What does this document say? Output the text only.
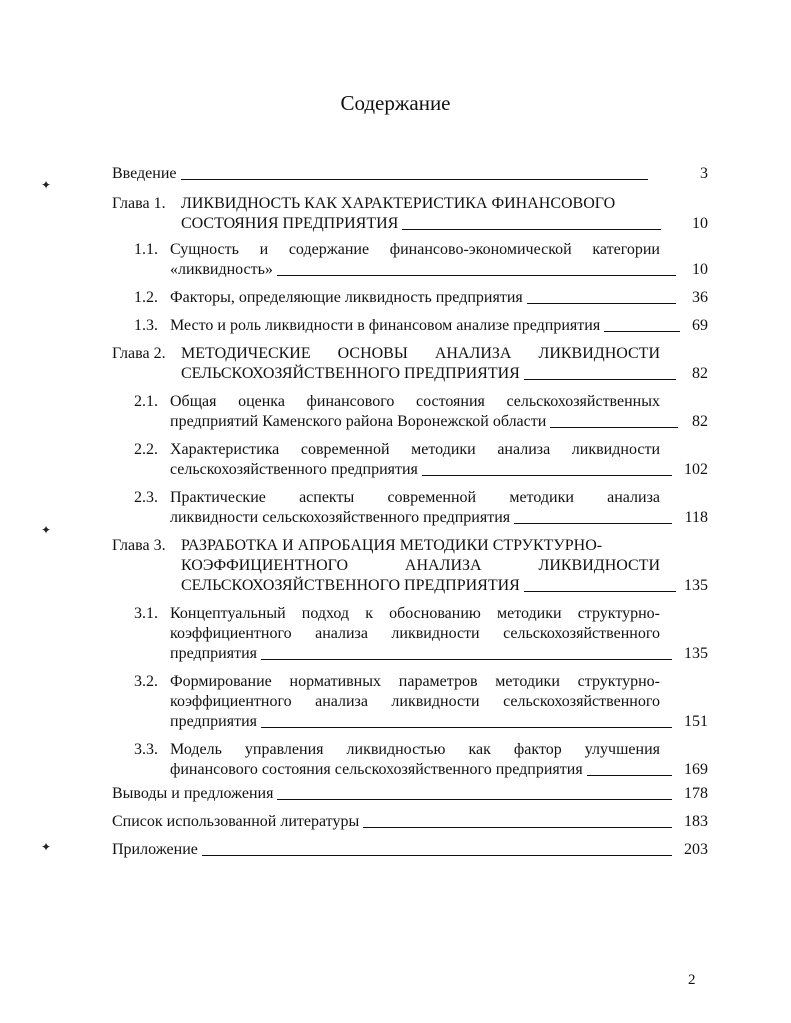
Содержание
Введение	3
Глава 1. ЛИКВИДНОСТЬ КАК ХАРАКТЕРИСТИКА ФИНАНСОВОГО
СОСТОЯНИЯ ПРЕДПРИЯТИЯ	10
1.1. Сущность и содержание финансово-экономической категории
«ликвидность»	10
1.2. Факторы, определяющие ликвидность предприятия	36
1.3. Место и роль ликвидности в финансовом анализе предприятия	69
Глава 2. МЕТОДИЧЕСКИЕ ОСНОВЫ АНАЛИЗА ЛИКВИДНОСТИ
СЕЛЬСКОХОЗЯЙСТВЕННОГО ПРЕДПРИЯТИЯ	82
2.1. Общая оценка финансового состояния сельскохозяйственных
предприятий Каменского района Воронежской области	82
2.2. Характеристика современной методики анализа ликвидности
сельскохозяйственного предприятия	102
2.3. Практические аспекты современной методики анализа
ликвидности сельскохозяйственного предприятия	118
Глава 3. РАЗРАБОТКА И АПРОБАЦИЯ МЕТОДИКИ СТРУКТУРНО-
КОЭФФИЦИЕНТНОГО АНАЛИЗА ЛИКВИДНОСТИ
СЕЛЬСКОХОЗЯЙСТВЕННОГО ПРЕДПРИЯТИЯ	135
3.1. Концептуальный подход к обоснованию методики структурно-
коэффициентного анализа ликвидности сельскохозяйственного
предприятия	135
3.2. Формирование нормативных параметров методики структурно-
коэффициентного анализа ликвидности сельскохозяйственного
предприятия	151
3.3. Модель управления ликвидностью как фактор улучшения
финансового состояния сельскохозяйственного предприятия	169
Выводы и предложения	178
Список использованной литературы	183
Приложение	203
✦
✦
✦
2
